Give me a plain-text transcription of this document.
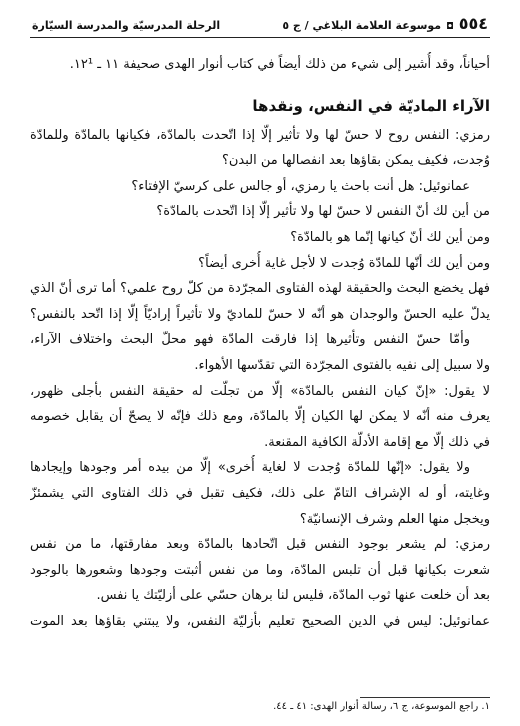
٥٥٤
◘
موسوعة العلامة البلاغي / ج ٥
الرحلة المدرسيّة والمدرسة السيّارة
أحياناً، وقد أُشير إلى شيء من ذلك أيضاً في كتاب أنوار الهدى صحيفة ١١ ـ ١٢¹.
الآراء الماديّة في النفس، ونقدها
رمزي: النفس روح لا حسّ لها ولا تأثير إلّا إذا اتّحدت بالمادّة، فكيانها بالمادّة وللمادّة
وُجدت، فكيف يمكن بقاؤها بعد انفصالها من البدن؟
عمانوئيل: هل أنت باحث يا رمزي، أو جالس على كرسيّ الإفتاء؟
من أين لك أنّ النفس لا حسّ لها ولا تأثير إلّا إذا اتّحدت بالمادّة؟
ومن أين لك أنّ كيانها إنّما هو بالمادّة؟
ومن أين لك أنّها للمادّة وُجدت لا لأجل غاية أُخرى أيضاً؟
فهل يخضع البحث والحقيقة لهذه الفتاوى المجرّدة من كلّ روح علمي؟ أما ترى أنّ الذي
يدلّ عليه الحسّ والوجدان هو أنّه لا حسّ للماديّ ولا تأثيراً إراديّاً إلّا إذا اتّحد بالنفس؟
وأمّا حسّ النفس وتأثيرها إذا فارقت المادّة فهو محلّ البحث واختلاف الآراء،
ولا سبيل إلى نفيه بالفتوى المجرّدة التي تقدّسها الأهواء.
لا يقول: «إنّ كيان النفس بالمادّة» إلّا من تجلّت له حقيقة النفس بأجلى ظهور،
يعرف منه أنّه لا يمكن لها الكيان إلّا بالمادّة، ومع ذلك فإنّه لا يصحّ أن يقابل خصومه
في ذلك إلّا مع إقامة الأدلّة الكافية المقنعة.
ولا يقول: «إنّها للمادّة وُجدت لا لغاية أُخرى» إلّا من بيده أمر وجودها وإيجادها
وغايته، أو له الإشراف التامّ على ذلك، فكيف تقبل في ذلك الفتاوى التي يشمئزّ
ويخجل منها العلم وشرف الإنسانيّة؟
رمزي: لم يشعر بوجود النفس قبل اتّحادها بالمادّة وبعد مفارقتها، ما من نفس
شعرت بكيانها قبل أن تلبس المادّة، وما من نفس أثبتت وجودها وشعورها بالوجود
بعد أن خلعت عنها ثوب المادّة، فليس لنا برهان حسّي على أزليّتك يا نفس.
عمانوئيل: ليس في الدين الصحيح تعليم بأزليّة النفس، ولا يبتني بقاؤها بعد الموت
١. راجع الموسوعة، ج ٦، رسالة أنوار الهدى: ٤١ ـ ٤٤.
